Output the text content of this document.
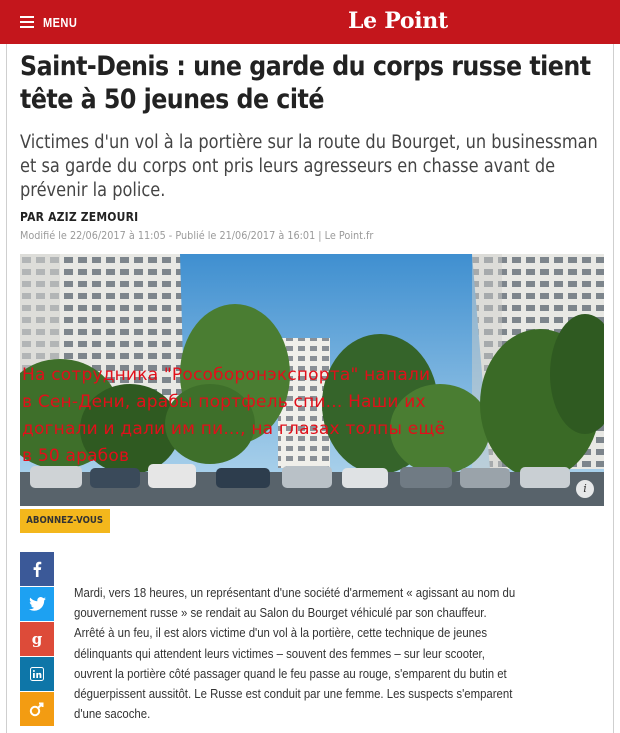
MENU	Le Point
Saint-Denis : une garde du corps russe tient
tête à 50 jeunes de cité
Victimes d'un vol à la portière sur la route du Bourget, un businessman
et sa garde du corps ont pris leurs agresseurs en chasse avant de
prévenir la police.
PAR AZIZ ZEMOURI
Modifié le 22/06/2017 à 11:05 - Publié le 21/06/2017 à 16:01 | Le Point.fr
На сотрудника "Рособоронэкспорта" напали
в Сен-Дени, арабы портфель спи... Наши их
догнали и дали им пи..., на глазах толпы ещё
в 50 арабов
i
ABONNEZ-VOUS
g

Mardi, vers 18 heures, un représentant d'une société d'armement « agissant au nom du

gouvernement russe » se rendait au Salon du Bourget véhiculé par son chauffeur.

Arrêté à un feu, il est alors victime d'un vol à la portière, cette technique de jeunes

délinquants qui attendent leurs victimes – souvent des femmes – sur leur scooter,

ouvrent la portière côté passager quand le feu passe au rouge, s'emparent du butin et

déguerpissent aussitôt. Le Russe est conduit par une femme. Les suspects s'emparent

d'une sacoche.
